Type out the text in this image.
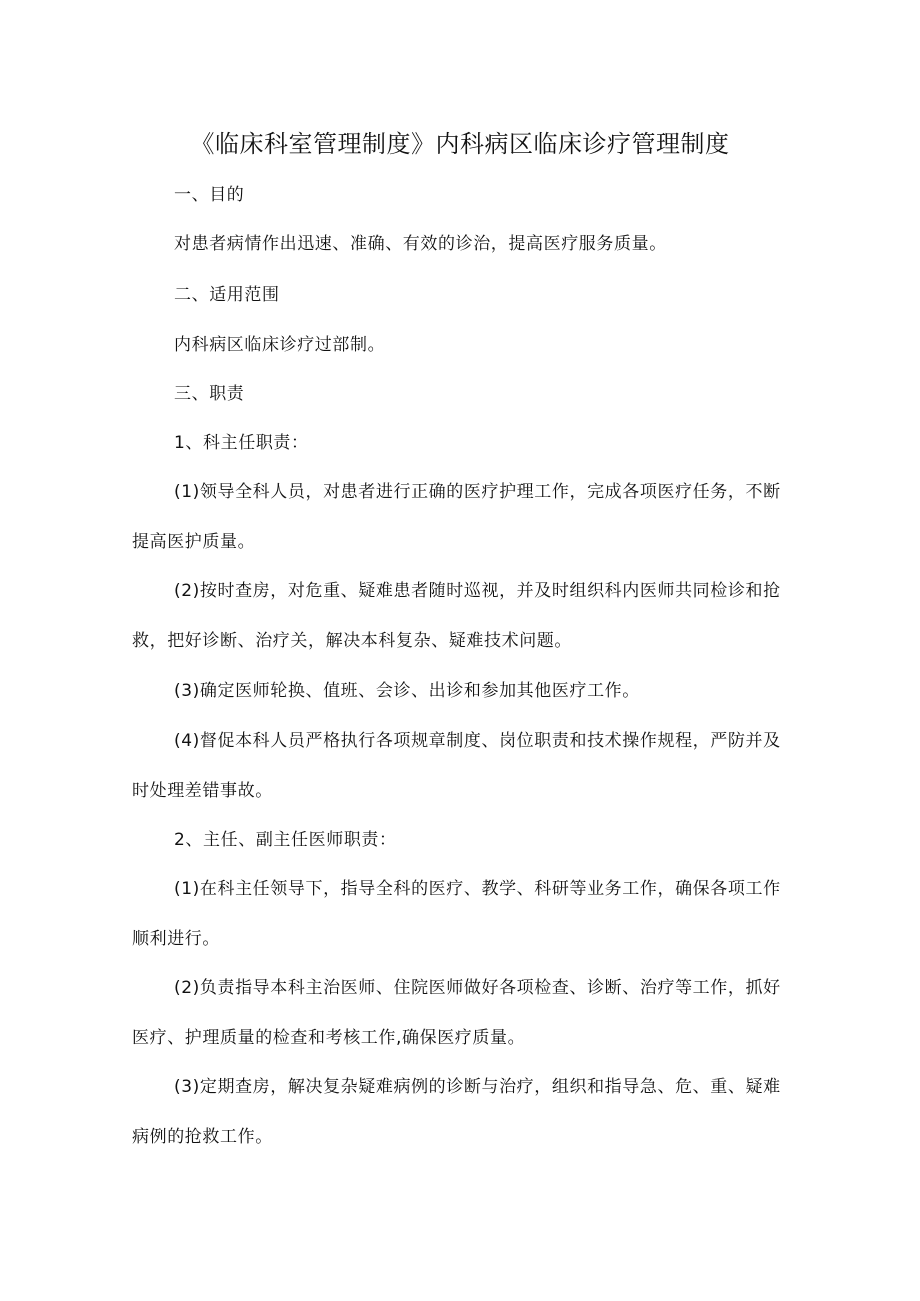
《临床科室管理制度》内科病区临床诊疗管理制度
一、目的
对患者病情作出迅速、准确、有效的诊治，提高医疗服务质量。
二、适用范围
内科病区临床诊疗过部制。
三、职责
1、科主任职责：
(1)领导全科人员，对患者进行正确的医疗护理工作，完成各项医疗任务，不断提高医护质量。
(2)按时查房，对危重、疑难患者随时巡视，并及时组织科内医师共同检诊和抢救，把好诊断、治疗关，解决本科复杂、疑难技术问题。
(3)确定医师轮换、值班、会诊、出诊和参加其他医疗工作。
(4)督促本科人员严格执行各项规章制度、岗位职责和技术操作规程，严防并及时处理差错事故。
2、主任、副主任医师职责：
(1)在科主任领导下，指导全科的医疗、教学、科研等业务工作，确保各项工作顺利进行。
(2)负责指导本科主治医师、住院医师做好各项检查、诊断、治疗等工作，抓好医疗、护理质量的检查和考核工作,确保医疗质量。
(3)定期查房，解决复杂疑难病例的诊断与治疗，组织和指导急、危、重、疑难病例的抢救工作。
